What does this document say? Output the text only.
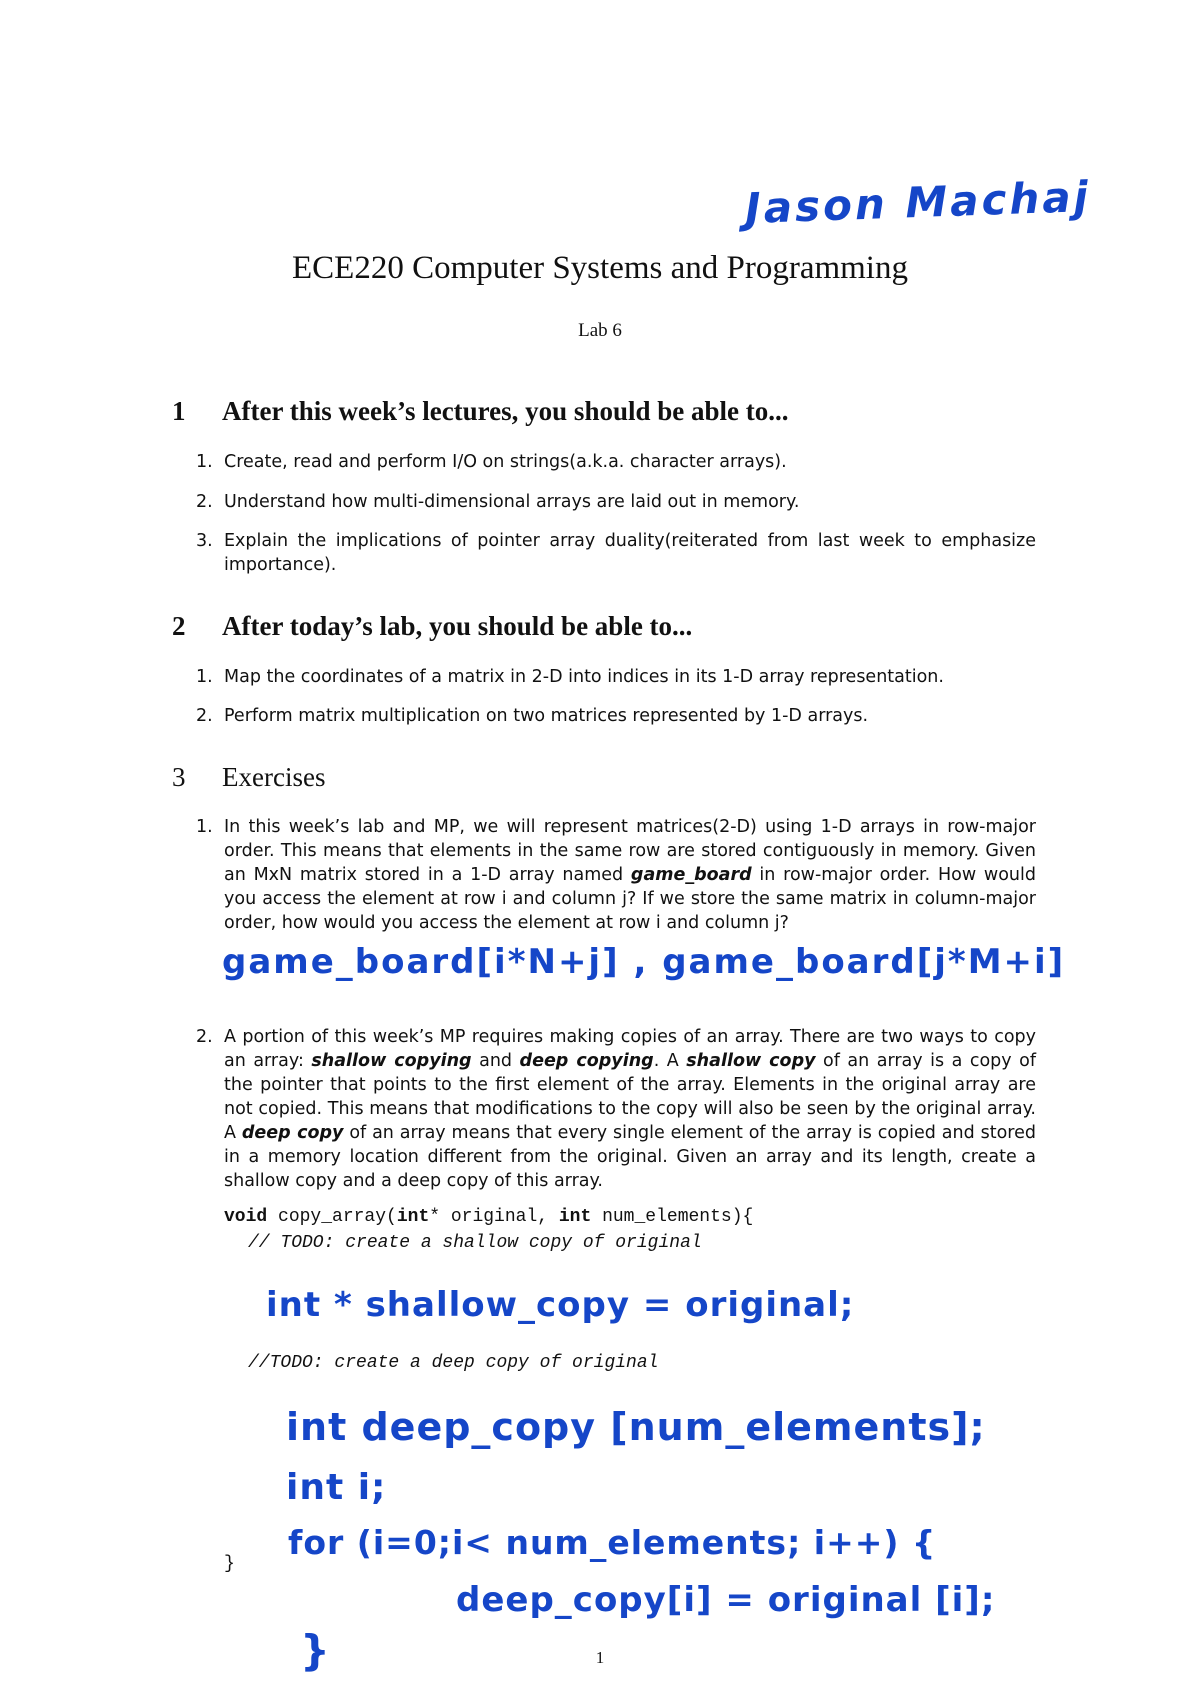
Jason Machaj
ECE220 Computer Systems and Programming
Lab 6
1 After this week’s lectures, you should be able to...
1. Create, read and perform I/O on strings(a.k.a. character arrays).
2. Understand how multi-dimensional arrays are laid out in memory.
3. Explain the implications of pointer array duality(reiterated from last week to emphasize importance).
2 After today’s lab, you should be able to...
1. Map the coordinates of a matrix in 2-D into indices in its 1-D array representation.
2. Perform matrix multiplication on two matrices represented by 1-D arrays.
3 Exercises
1. In this week’s lab and MP, we will represent matrices(2-D) using 1-D arrays in row-major order. This means that elements in the same row are stored contiguously in memory. Given an MxN matrix stored in a 1-D array named game_board in row-major order. How would you access the element at row i and column j? If we store the same matrix in column-major order, how would you access the element at row i and column j?
game_board[i*N+j] , game_board[j*M+i]
2. A portion of this week’s MP requires making copies of an array. There are two ways to copy an array: shallow copying and deep copying. A shallow copy of an array is a copy of the pointer that points to the first element of the array. Elements in the original array are not copied. This means that modifications to the copy will also be seen by the original array. A deep copy of an array means that every single element of the array is copied and stored in a memory location different from the original. Given an array and its length, create a shallow copy and a deep copy of this array.
void copy_array(int* original, int num_elements){
// TODO: create a shallow copy of original
int * shallow_copy = original;
//TODO: create a deep copy of original
int deep_copy [num_elements];
int i;
for (i=0;i< num_elements; i++) {
}
deep_copy[i] = original [i];
}	1
